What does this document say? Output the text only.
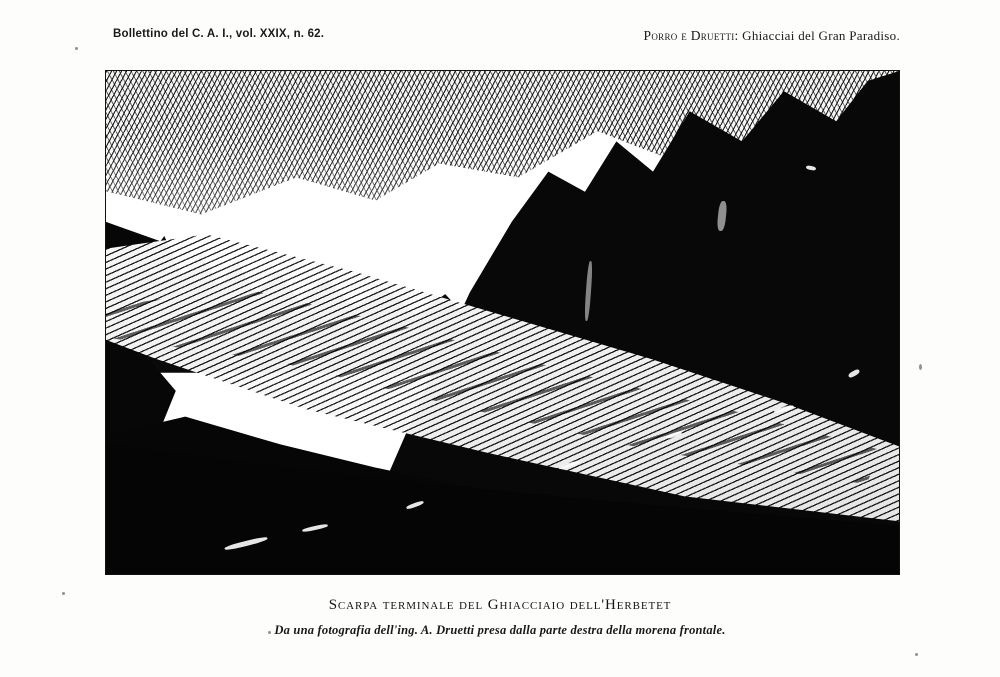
Bollettino del C. A. I., vol. XXIX, n. 62.	Porro e Druetti: Ghiacciai del Gran Paradiso.
Scarpa terminale del Ghiacciaio dell'Herbetet
Da una fotografia dell'ing. A. Druetti presa dalla parte destra della morena frontale.
